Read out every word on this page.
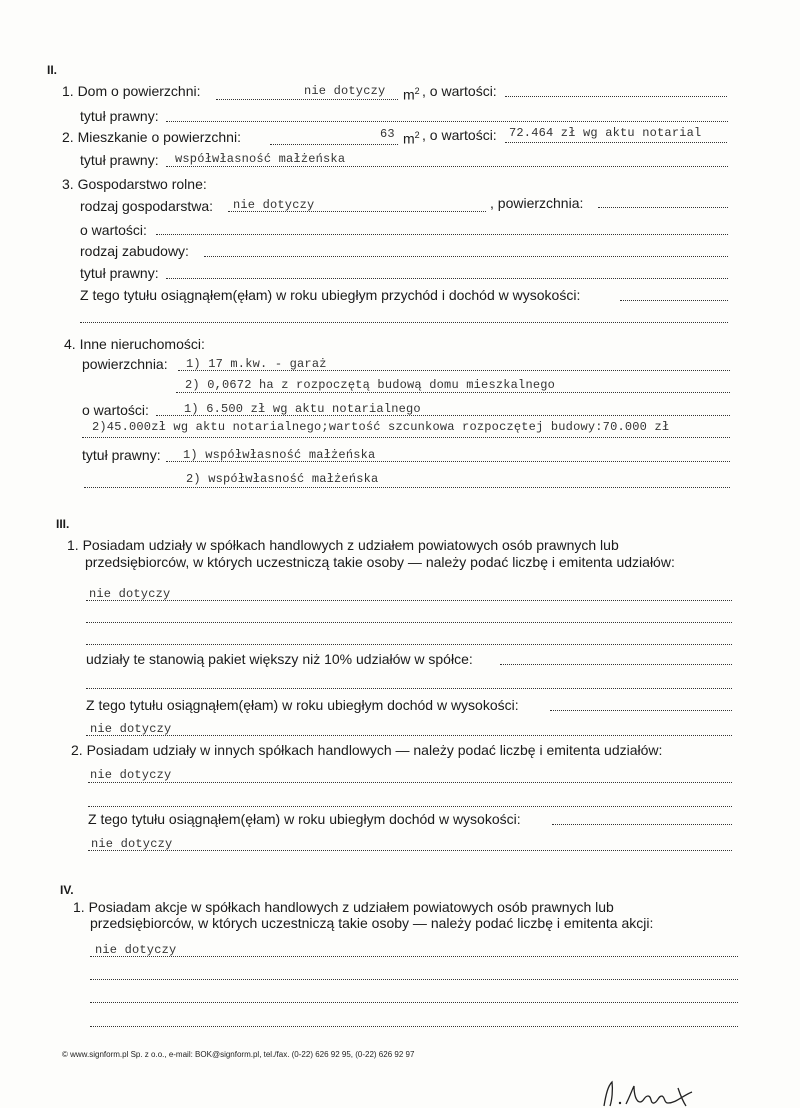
II.
1. Dom o powierzchni:	nie dotyczy $m^2$ , o wartości:
tytuł prawny:
2. Mieszkanie o powierzchni:	63 $m^2$ , o wartości: 72.464 zł wg aktu notarial
tytuł prawny: współwłasność małżeńska
3. Gospodarstwo rolne:
rodzaj gospodarstwa: nie dotyczy	, powierzchnia:
o wartości:
rodzaj zabudowy:
tytuł prawny:
Z tego tytułu osiągnąłem(ęłam) w roku ubiegłym przychód i dochód w wysokości:
4. Inne nieruchomości:
powierzchnia: 1) 17 m.kw. - garaż
2) 0,0672 ha z rozpoczętą budową domu mieszkalnego
o wartości:	1) 6.500 zł wg aktu notarialnego
2)45.000zł wg aktu notarialnego;wartość szcunkowa rozpoczętej budowy:70.000 zł
tytuł prawny: 1) współwłasność małżeńska
2) współwłasność małżeńska
III.
1. Posiadam udziały w spółkach handlowych z udziałem powiatowych osób prawnych lub
przedsiębiorców, w których uczestniczą takie osoby — należy podać liczbę i emitenta udziałów:
nie dotyczy
udziały te stanowią pakiet większy niż 10% udziałów w spółce:
Z tego tytułu osiągnąłem(ęłam) w roku ubiegłym dochód w wysokości:
nie dotyczy
2. Posiadam udziały w innych spółkach handlowych — należy podać liczbę i emitenta udziałów:
nie dotyczy
Z tego tytułu osiągnąłem(ęłam) w roku ubiegłym dochód w wysokości:
nie dotyczy
IV.
1. Posiadam akcje w spółkach handlowych z udziałem powiatowych osób prawnych lub
przedsiębiorców, w których uczestniczą takie osoby — należy podać liczbę i emitenta akcji:
nie dotyczy
© www.signform.pl Sp. z o.o., e-mail: BOK@signform.pl, tel./fax. (0-22) 626 92 95, (0-22) 626 92 97
